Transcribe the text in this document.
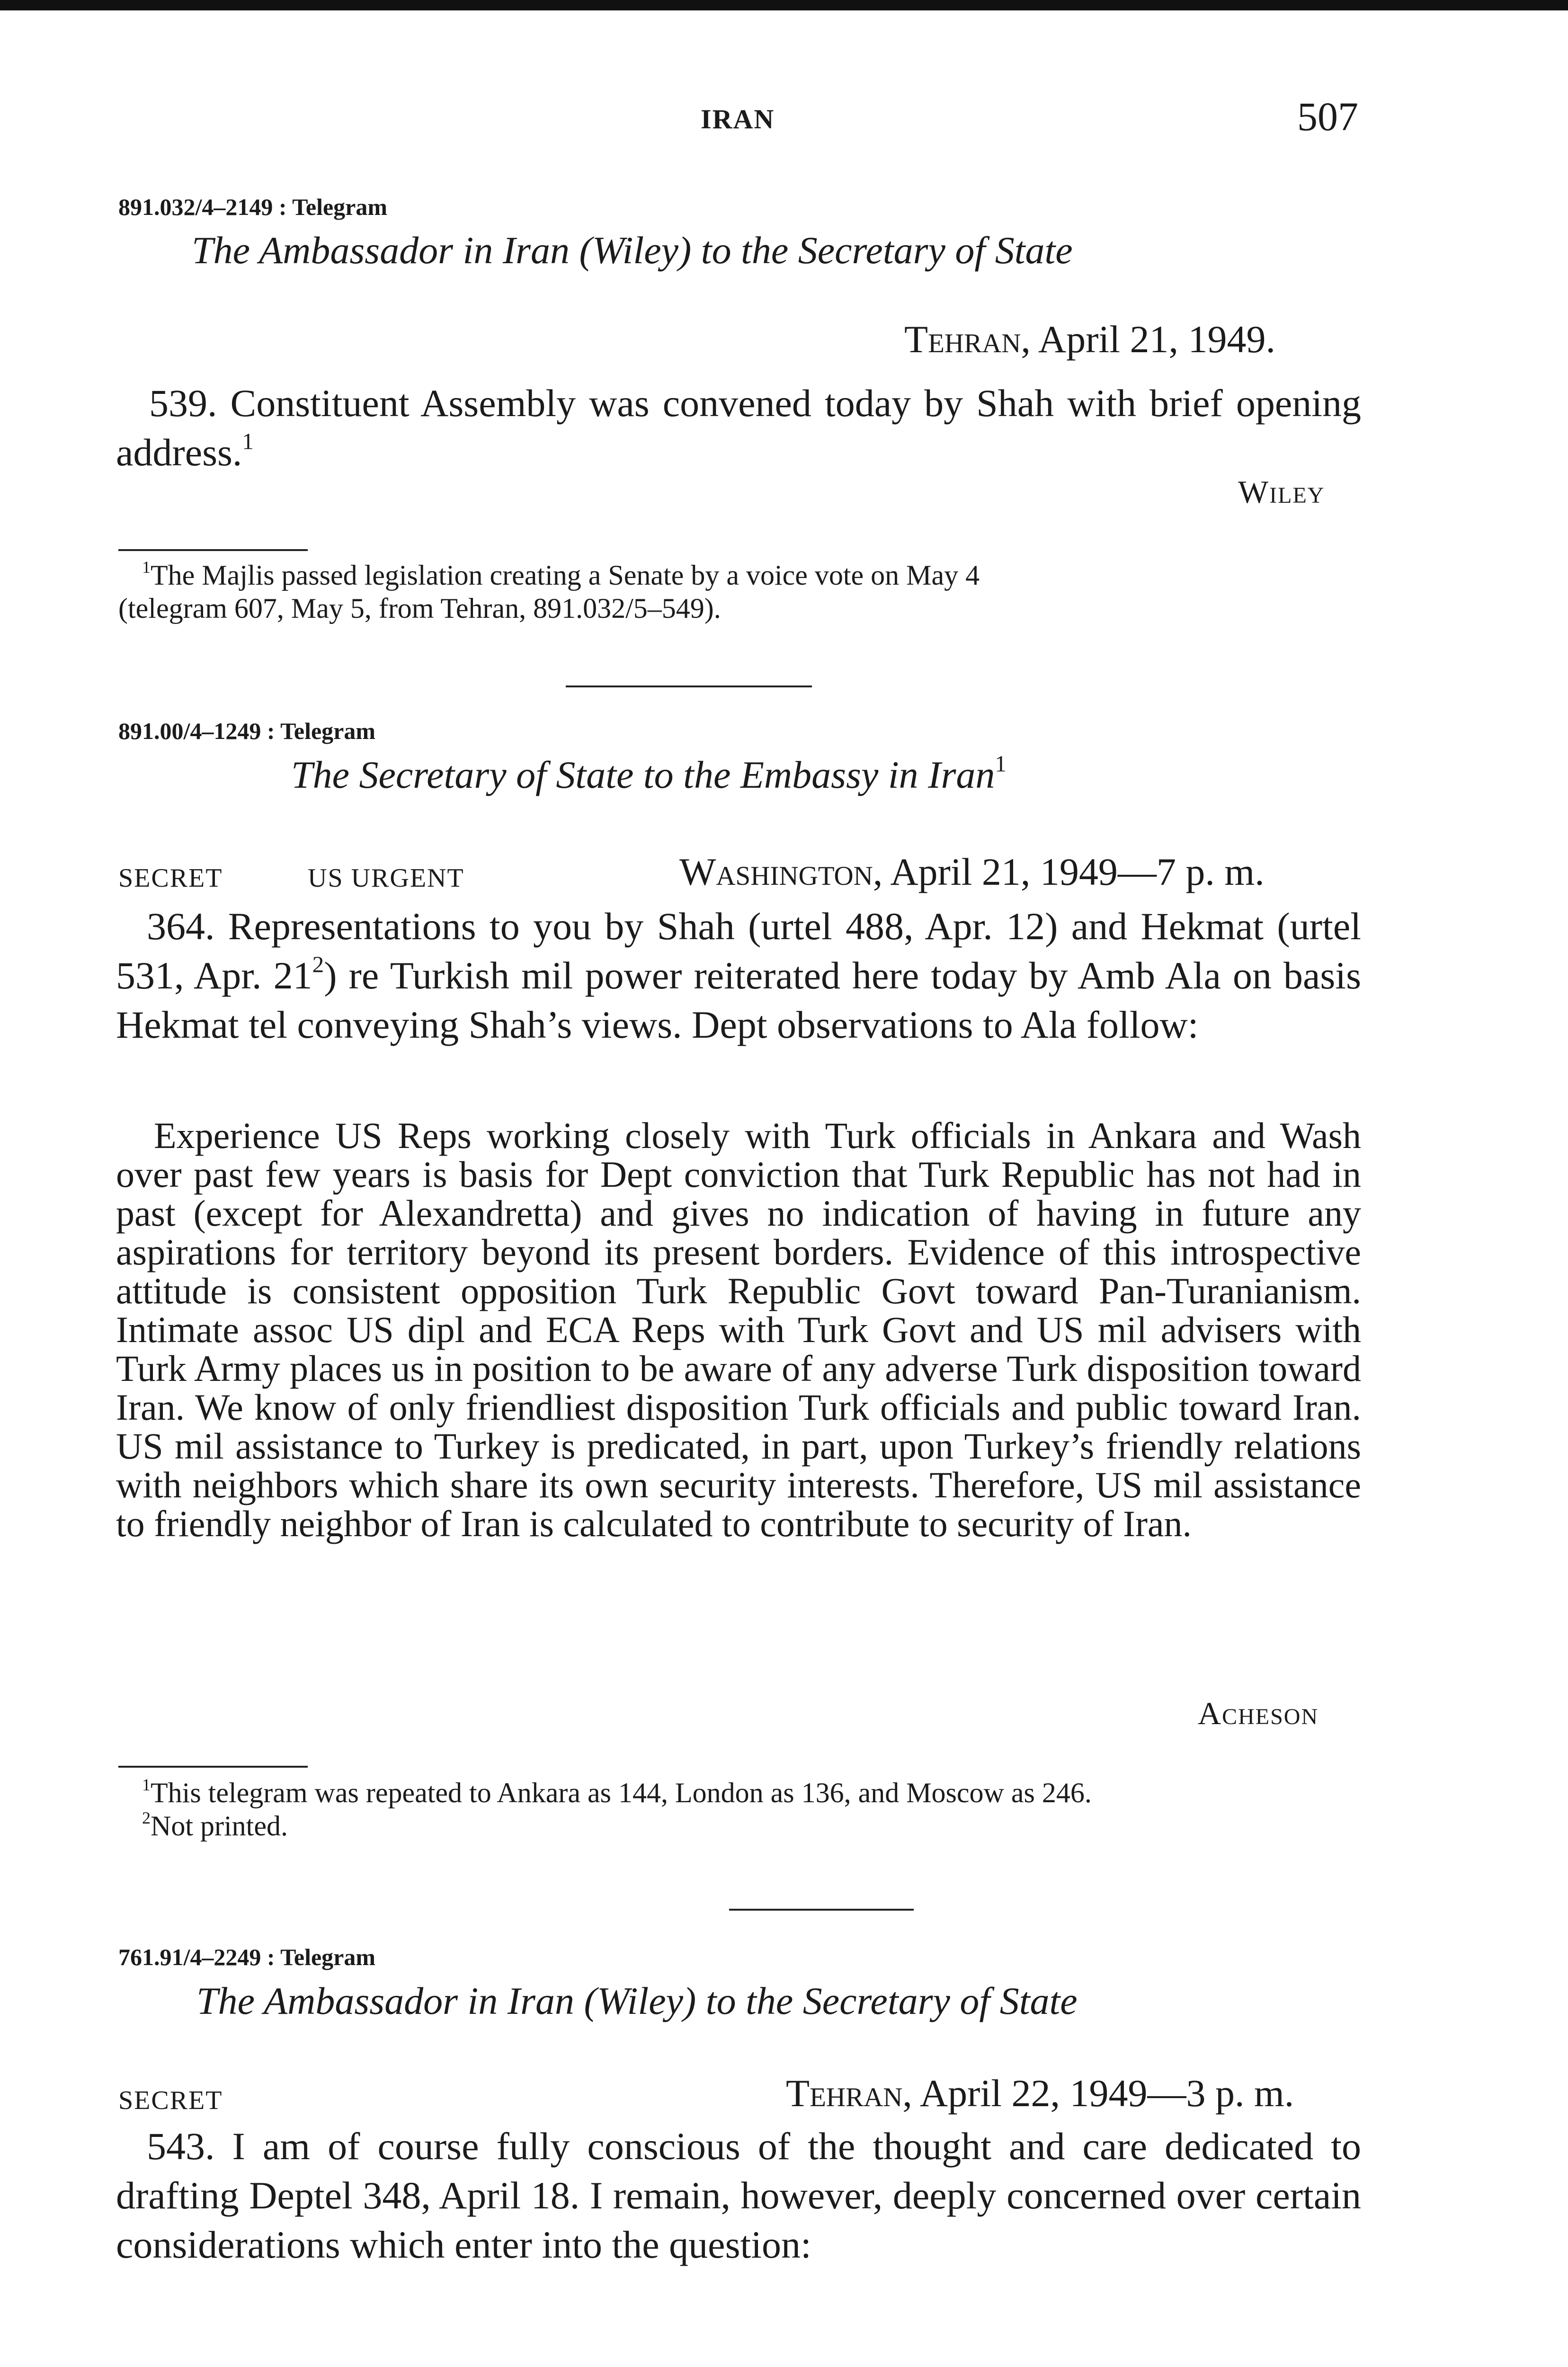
IRAN	507
891.032/4–2149 : Telegram
The Ambassador in Iran (Wiley) to the Secretary of State
Tehran, April 21, 1949.
539. Constituent Assembly was convened today by Shah with brief opening address.$^1$
Wiley
$^1$The Majlis passed legislation creating a Senate by a voice vote on May 4
(telegram 607, May 5, from Tehran, 891.032/5–549).
891.00/4–1249 : Telegram
The Secretary of State to the Embassy in Iran$^1$
SECRET	US URGENT	Washington, April 21, 1949—7 p. m.
364. Representations to you by Shah (urtel 488, Apr. 12) and Hekmat (urtel 531, Apr. $21^2$) re Turkish mil power reiterated here today by Amb Ala on basis Hekmat tel conveying Shah’s views. Dept observations to Ala follow:
Experience US Reps working closely with Turk officials in Ankara and Wash over past few years is basis for Dept conviction that Turk Republic has not had in past (except for Alexandretta) and gives no indication of having in future any aspirations for territory beyond its present borders. Evidence of this introspective attitude is consistent opposition Turk Republic Govt toward Pan-Turanianism. Intimate assoc US dipl and ECA Reps with Turk Govt and US mil advisers with Turk Army places us in position to be aware of any adverse Turk disposition toward Iran. We know of only friendliest disposition Turk officials and public toward Iran. US mil assistance to Turkey is predicated, in part, upon Turkey’s friendly relations with neighbors which share its own security interests. Therefore, US mil assistance to friendly neighbor of Iran is calculated to contribute to security of Iran.
Acheson
$^1$This telegram was repeated to Ankara as 144, London as 136, and Moscow as 246.
$^2$Not printed.
761.91/4–2249 : Telegram
The Ambassador in Iran (Wiley) to the Secretary of State
SECRET	Tehran, April 22, 1949—3 p. m.
543. I am of course fully conscious of the thought and care dedicated to drafting Deptel 348, April 18. I remain, however, deeply concerned over certain considerations which enter into the question:
